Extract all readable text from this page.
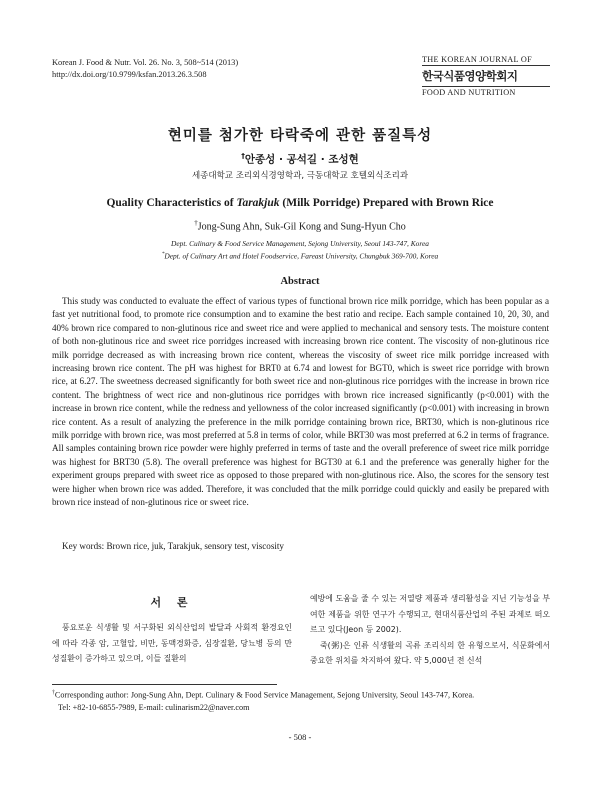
Korean J. Food & Nutr. Vol. 26. No. 3, 508~514 (2013)
http://dx.doi.org/10.9799/ksfan.2013.26.3.508
THE KOREAN JOURNAL OF
한국식품영양학회지
FOOD AND NUTRITION
현미를 첨가한 타락죽에 관한 품질특성
†안종성 · 공석길 · 조성현
세종대학교 조리외식경영학과, 극동대학교 호텔외식조리과
Quality Characteristics of Tarakjuk (Milk Porridge) Prepared with Brown Rice
†Jong-Sung Ahn, Suk-Gil Kong and Sung-Hyun Cho
Dept. Culinary & Food Service Management, Sejong University, Seoul 143-747, Korea
*Dept. of Culinary Art and Hotel Foodservice, Fareast University, Chungbuk 369-700, Korea
Abstract
This study was conducted to evaluate the effect of various types of functional brown rice milk porridge, which has been popular as a fast yet nutritional food, to promote rice consumption and to examine the best ratio and recipe. Each sample contained 10, 20, 30, and 40% brown rice compared to non-glutinous rice and sweet rice and were applied to mechanical and sensory tests. The moisture content of both non-glutinous rice and sweet rice porridges increased with increasing brown rice content. The viscosity of non-glutinous rice milk porridge decreased as with increasing brown rice content, whereas the viscosity of sweet rice milk porridge increased with increasing brown rice content. The pH was highest for BRT0 at 6.74 and lowest for BGT0, which is sweet rice porridge with brown rice, at 6.27. The sweetness decreased significantly for both sweet rice and non-glutinous rice porridges with the increase in brown rice content. The brightness of wect rice and non-glutinous rice porridges with brown rice increased significantly (p<0.001) with the increase in brown rice content, while the redness and yellowness of the color increased significantly (p<0.001) with increasing in brown rice content. As a result of analyzing the preference in the milk porridge containing brown rice, BRT30, which is non-glutinous rice milk porridge with brown rice, was most preferred at 5.8 in terms of color, while BRT30 was most preferred at 6.2 in terms of fragrance. All samples containing brown rice powder were highly preferred in terms of taste and the overall preference of sweet rice milk porridge was highest for BRT30 (5.8). The overall preference was highest for BGT30 at 6.1 and the preference was generally higher for the experiment groups prepared with sweet rice as opposed to those prepared with non-glutinous rice. Also, the scores for the sensory test were higher when brown rice was added. Therefore, it was concluded that the milk porridge could quickly and easily be prepared with brown rice instead of non-glutinous rice or sweet rice.
Key words: Brown rice, juk, Tarakjuk, sensory test, viscosity
서 론
풍요로운 식생활 및 서구화된 외식산업의 발달과 사회적 환경요인에 따라 각종 암, 고혈압, 비만, 동맥경화증, 심장질환, 당뇨병 등의 만성질환이 증가하고 있으며, 이들 질환의
예방에 도움을 줄 수 있는 저열량 제품과 생리활성을 지닌 기능성을 부여한 제품을 위한 연구가 수행되고, 현대식품산업의 주된 과제로 떠오르고 있다(Jeon 등 2002).
죽(粥)은 인류 식생활의 곡류 조리식의 한 유형으로서, 식문화에서 중요한 위치를 차지하여 왔다. 약 5,000년 전 신석
†Corresponding author: Jong-Sung Ahn, Dept. Culinary & Food Service Management, Sejong University, Seoul 143-747, Korea.
Tel: +82-10-6855-7989, E-mail: culinarism22@naver.com
- 508 -
